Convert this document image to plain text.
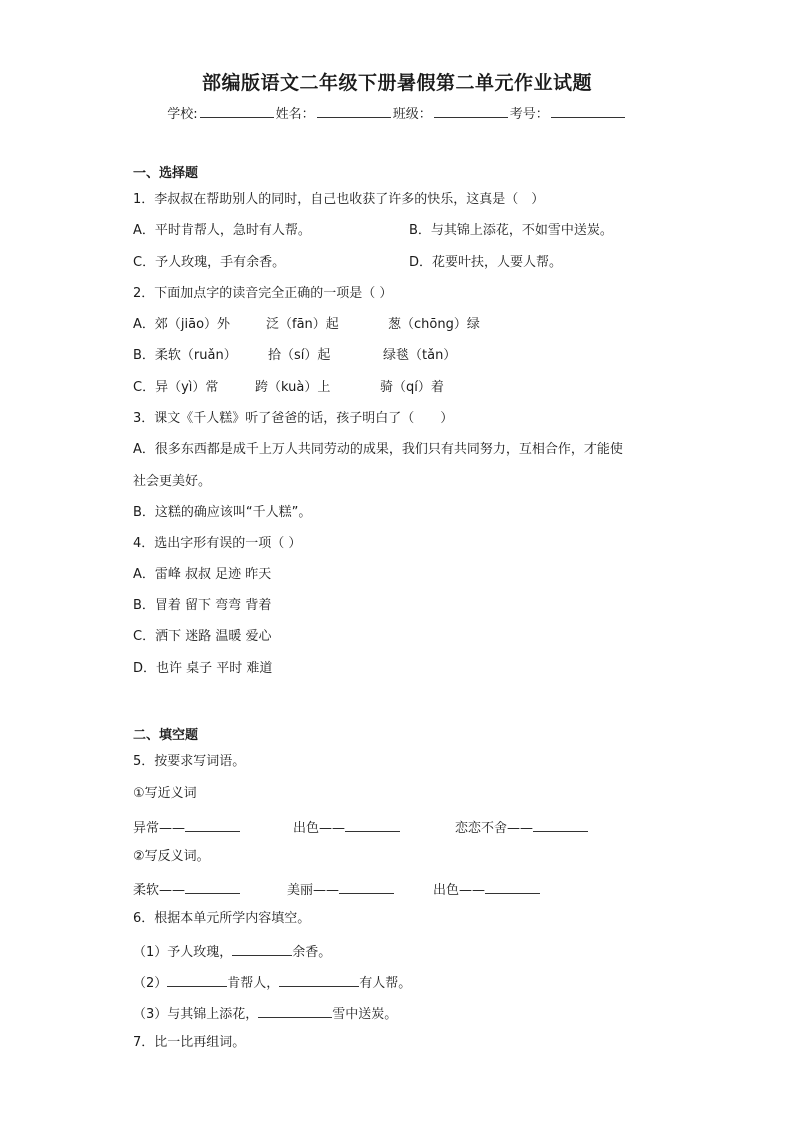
部编版语文二年级下册暑假第二单元作业试题
学校:	姓名：	班级：	考号：
一、选择题
1．李叔叔在帮助别人的同时，自己也收获了许多的快乐，这真是（　）
A．平时肯帮人，急时有人帮。	B．与其锦上添花，不如雪中送炭。
C．予人玫瑰，手有余香。	D．花要叶扶，人要人帮。
2．下面加点字的读音完全正确的一项是（ ）
A．郊（jiāo）外	泛（fān）起	葱（chōng）绿
B．柔软（ruǎn） 拾（sí）起	绿毯（tǎn）
C．异（yì）常	跨（kuà）上	骑（qí）着
3．课文《千人糕》听了爸爸的话，孩子明白了（　　）
A．很多东西都是成千上万人共同劳动的成果，我们只有共同努力，互相合作，才能使
社会更美好。
B．这糕的确应该叫“千人糕”。
4．选出字形有误的一项（ ）
A．雷峰 叔叔 足迹 昨天
B．冒着 留下 弯弯 背着
C．洒下 迷路 温暖 爱心
D．也许 桌子 平时 难道
二、填空题
5．按要求写词语。
①写近义词
异常——	出色——	恋恋不舍——
②写反义词。
柔软——	美丽——	出色——
6．根据本单元所学内容填空。
（1）予人玫瑰，	余香。
（2）	肯帮人，	有人帮。
（3）与其锦上添花，	雪中送炭。
7．比一比再组词。
